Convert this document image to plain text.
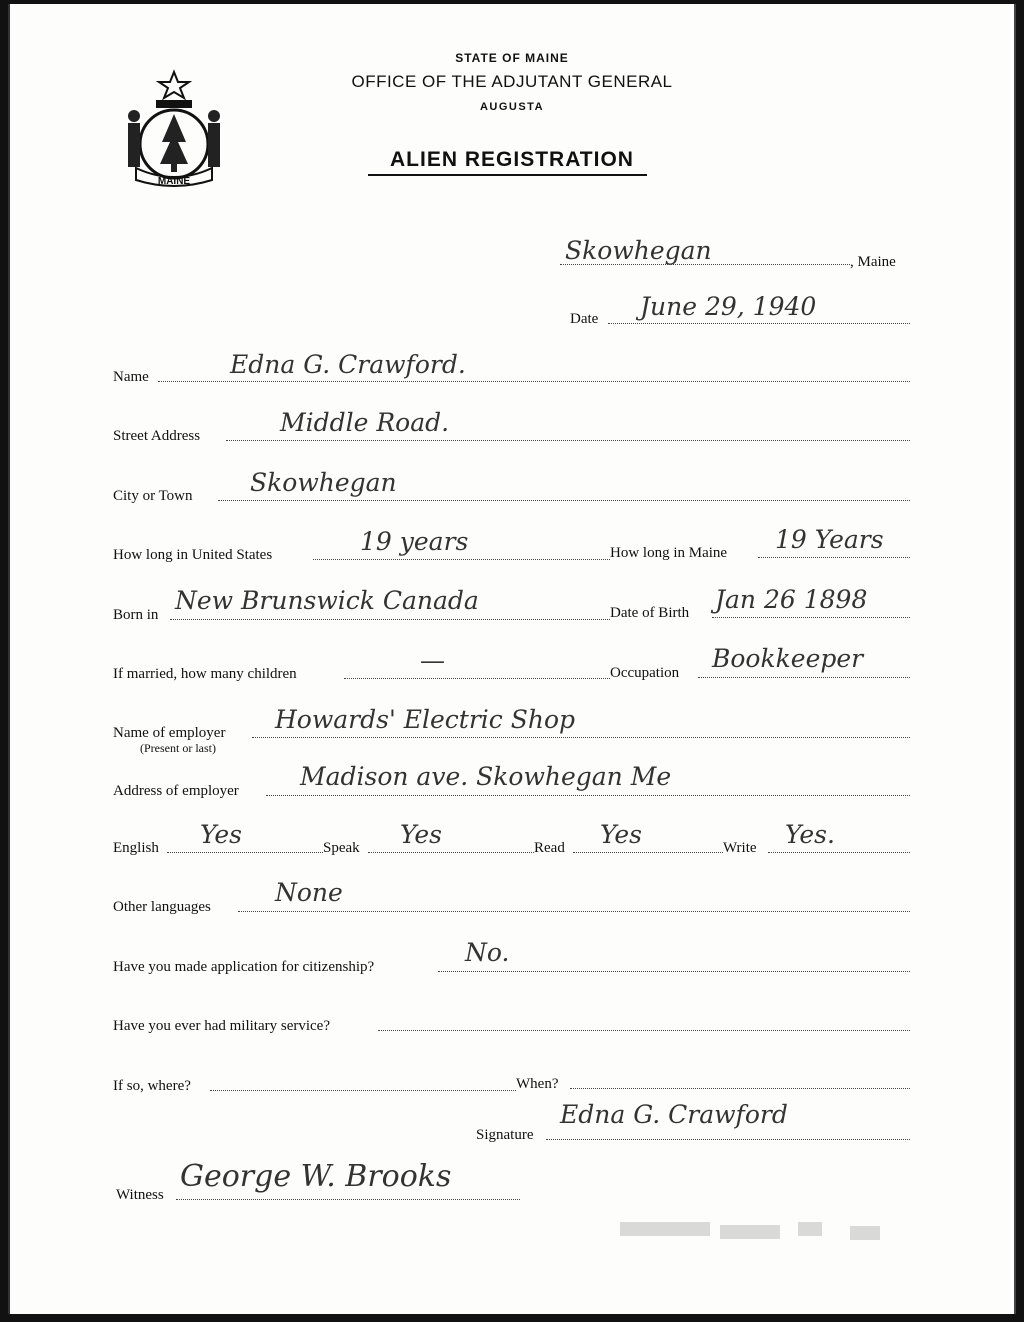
MAINE

STATE OF MAINE

OFFICE OF THE ADJUTANT GENERAL

AUGUSTA

ALIEN REGISTRATION

Skowhegan	, Maine
Date June 29, 1940
Name	Edna G. Crawford.
Street Address	Middle Road.
City or Town Skowhegan
How long in United States	19 years	How long in Maine 19 Years
Born in New Brunswick Canada	Date of Birth Jan 26 1898
If married, how many children	—	Occupation Bookkeeper
Name of employer
(Present or last)
Howards' Electric Shop
Address of employer Madison ave. Skowhegan Me
English Yes	Speak Yes	Read Yes	Write Yes.
Other languages	None
Have you made application for citizenship?	No.
Have you ever had military service?
If so, where?	When?
Signature
Edna G. Crawford
Witness
George W. Brooks
